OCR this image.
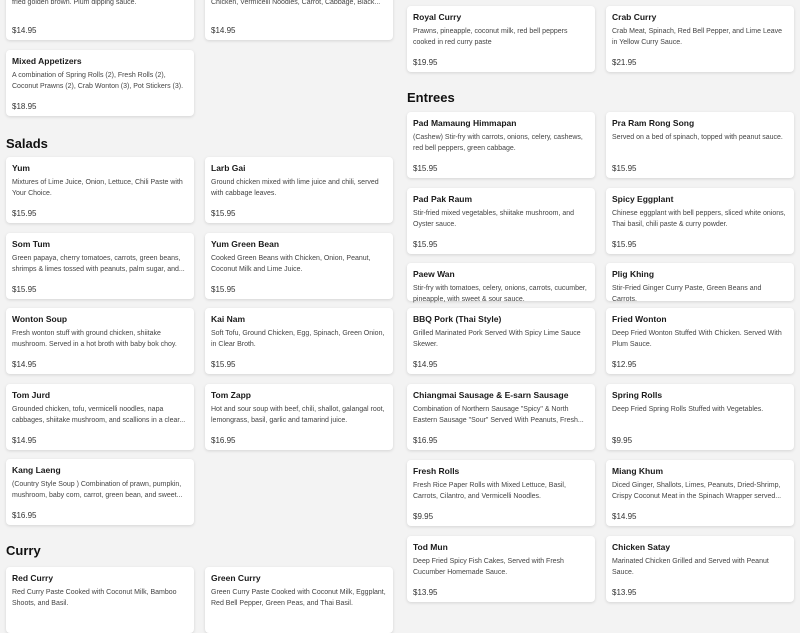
fried golden brown. Plum dipping sauce.
$14.95
Chicken, Vermicelli Noodles, Carrot, Cabbage, Black...
$14.95
Mixed Appetizers
A combination of Spring Rolls (2), Fresh Rolls (2), Coconut Prawns (2), Crab Wonton (3), Pot Stickers (3).
$18.95
Salads
Yum
Mixtures of Lime Juice, Onion, Lettuce, Chili Paste with Your Choice.
$15.95
Larb Gai
Ground chicken mixed with lime juice and chili, served with cabbage leaves.
$15.95
Som Tum
Green papaya, cherry tomatoes, carrots, green beans, shrimps & limes tossed with peanuts, palm sugar, and...
$15.95
Yum Green Bean
Cooked Green Beans with Chicken, Onion, Peanut, Coconut Milk and Lime Juice.
$15.95
Wonton Soup
Fresh wonton stuff with ground chicken, shiitake mushroom. Served in a hot broth with baby bok choy.
$14.95
Kai Nam
Soft Tofu, Ground Chicken, Egg, Spinach, Green Onion, in Clear Broth.
$15.95
Tom Jurd
Grounded chicken, tofu, vermicelli noodles, napa cabbages, shiitake mushroom, and scallions in a clear...
$14.95
Tom Zapp
Hot and sour soup with beef, chili, shallot, galangal root, lemongrass, basil, garlic and tamarind juice.
$16.95
Kang Laeng
(Country Style Soup ) Combination of prawn, pumpkin, mushroom, baby corn, carrot, green bean, and sweet...
$16.95
Curry
Red Curry
Red Curry Paste Cooked with Coconut Milk, Bamboo Shoots, and Basil.
Green Curry
Green Curry Paste Cooked with Coconut Milk, Eggplant, Red Bell Pepper, Green Peas, and Thai Basil.
Royal Curry
Prawns, pineapple, coconut milk, red bell peppers cooked in red curry paste
$19.95
Crab Curry
Crab Meat, Spinach, Red Bell Pepper, and Lime Leave in Yellow Curry Sauce.
$21.95
Entrees
Pad Mamaung Himmapan
(Cashew) Stir-fry with carrots, onions, celery, cashews, red bell peppers, green cabbage.
$15.95
Pra Ram Rong Song
Served on a bed of spinach, topped with peanut sauce.
$15.95
Pad Pak Raum
Stir-fried mixed vegetables, shiitake mushroom, and Oyster sauce.
$15.95
Spicy Eggplant
Chinese eggplant with bell peppers, sliced white onions, Thai basil, chili paste & curry powder.
$15.95
Paew Wan
Stir-fry with tomatoes, celery, onions, carrots, cucumber, pineapple, with sweet & sour sauce.
Plig Khing
Stir-Fried Ginger Curry Paste, Green Beans and Carrots.
BBQ Pork (Thai Style)
Grilled Marinated Pork Served With Spicy Lime Sauce Skewer.
$14.95
Fried Wonton
Deep Fried Wonton Stuffed With Chicken. Served With Plum Sauce.
$12.95
Chiangmai Sausage & E-sarn Sausage
Combination of Northern Sausage "Spicy" & North Eastern Sausage "Sour" Served With Peanuts, Fresh...
$16.95
Spring Rolls
Deep Fried Spring Rolls Stuffed with Vegetables.
$9.95
Fresh Rolls
Fresh Rice Paper Rolls with Mixed Lettuce, Basil, Carrots, Cilantro, and Vermicelli Noodles.
$9.95
Miang Khum
Diced Ginger, Shallots, Limes, Peanuts, Dried-Shrimp, Crispy Coconut Meat in the Spinach Wrapper served...
$14.95
Tod Mun
Deep Fried Spicy Fish Cakes, Served with Fresh Cucumber Homemade Sauce.
$13.95
Chicken Satay
Marinated Chicken Grilled and Served with Peanut Sauce.
$13.95
